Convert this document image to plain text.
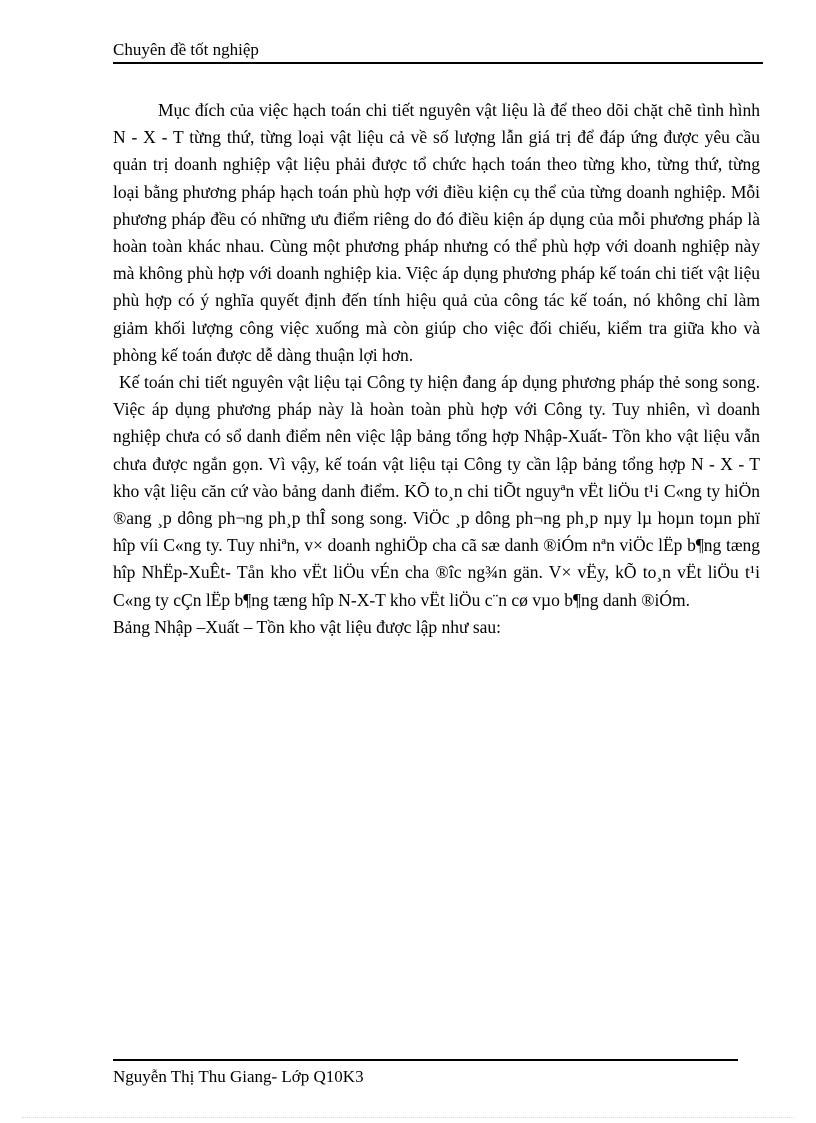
Chuyên đề tốt nghiệp

Mục đích của việc hạch toán chi tiết nguyên vật liệu là để theo dõi chặt chẽ tình hình N - X - T từng thứ, từng loại vật liệu cả về số lượng lẫn giá trị để đáp ứng được yêu cầu quản trị doanh nghiệp vật liệu phải được tổ chức hạch toán theo từng kho, từng thứ, từng loại bằng phương pháp hạch toán phù hợp với điều kiện cụ thể của từng doanh nghiệp. Mỗi phương pháp đều có những ưu điểm riêng do đó điều kiện áp dụng của mỗi phương pháp là hoàn toàn khác nhau. Cùng một phương pháp nhưng có thể phù hợp với doanh nghiệp này mà không phù hợp với doanh nghiệp kia. Việc áp dụng phương pháp kế toán chi tiết vật liệu phù hợp có ý nghĩa quyết định đến tính hiệu quả của công tác kế toán, nó không chỉ làm giảm khối lượng công việc xuống mà còn giúp cho việc đối chiếu, kiểm tra giữa kho và phòng kế toán được dễ dàng thuận lợi hơn.

Kế toán chi tiết nguyên vật liệu tại Công ty hiện đang áp dụng phương pháp thẻ song song. Việc áp dụng phương pháp này là hoàn toàn phù hợp với Công ty. Tuy nhiên, vì doanh nghiệp chưa có sổ danh điểm nên việc lập bảng tổng hợp Nhập-Xuất- Tồn kho vật liệu vẫn chưa được ngắn gọn. Vì vậy, kế toán vật liệu tại Công ty cần lập bảng tổng hợp N - X - T kho vật liệu căn cứ vào bảng danh điểm. KÕ to¸n chi tiÕt nguyªn vËt liÖu t¹i C«ng ty hiÖn ®ang ¸p dông ph¬ng ph¸p thÎ song song. ViÖc ¸p dông ph¬ng ph¸p nµy lµ hoµn toµn phï hîp víi C«ng ty. Tuy nhiªn, v× doanh nghiÖp cha cã sæ danh ®iÓm nªn viÖc lËp b¶ng tæng hîp NhËp-XuÊt- Tån kho vËt liÖu vÉn cha ®îc ng¾n gän. V× vËy, kÕ to¸n vËt liÖu t¹i C«ng ty cÇn lËp b¶ng tæng hîp N-X-T kho vËt liÖu c¨n cø vµo b¶ng danh ®iÓm.

Bảng Nhập –Xuất – Tồn kho vật liệu được lập như sau:

Nguyễn Thị Thu Giang- Lớp Q10K3
